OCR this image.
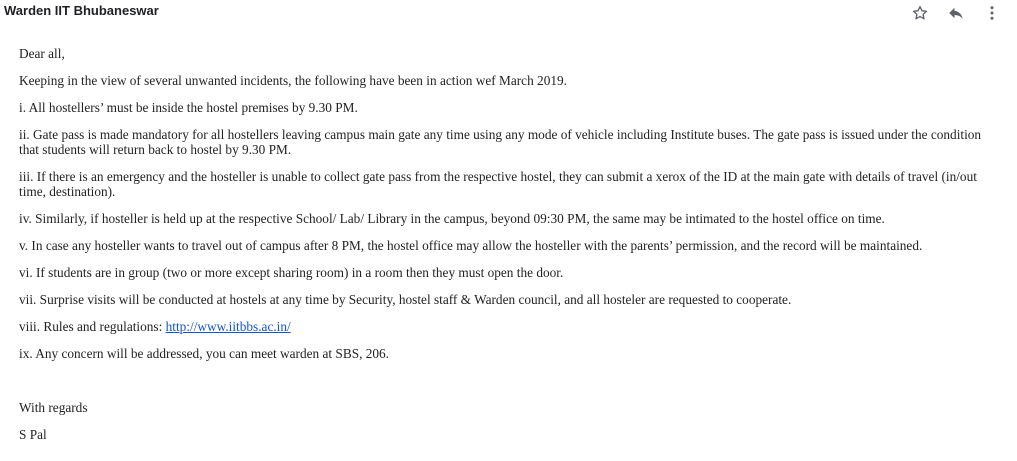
Warden IIT Bhubaneswar

Dear all,

Keeping in the view of several unwanted incidents, the following have been in action wef March 2019.

i. All hostellers’ must be inside the hostel premises by 9.30 PM.

ii. Gate pass is made mandatory for all hostellers leaving campus main gate any time using any mode of vehicle including Institute buses. The gate pass is issued under the condition that students will return back to hostel by 9.30 PM.

iii. If there is an emergency and the hosteller is unable to collect gate pass from the respective hostel, they can submit a xerox of the ID at the main gate with details of travel (in/out time, destination).

iv. Similarly, if hosteller is held up at the respective School/ Lab/ Library in the campus, beyond 09:30 PM, the same may be intimated to the hostel office on time.

v. In case any hosteller wants to travel out of campus after 8 PM, the hostel office may allow the hosteller with the parents’ permission, and the record will be maintained.

vi. If students are in group (two or more except sharing room) in a room then they must open the door.

vii. Surprise visits will be conducted at hostels at any time by Security, hostel staff & Warden council, and all hosteler are requested to cooperate.

viii. Rules and regulations: http://www.iitbbs.ac.in/

ix. Any concern will be addressed, you can meet warden at SBS, 206.

With regards

S Pal
